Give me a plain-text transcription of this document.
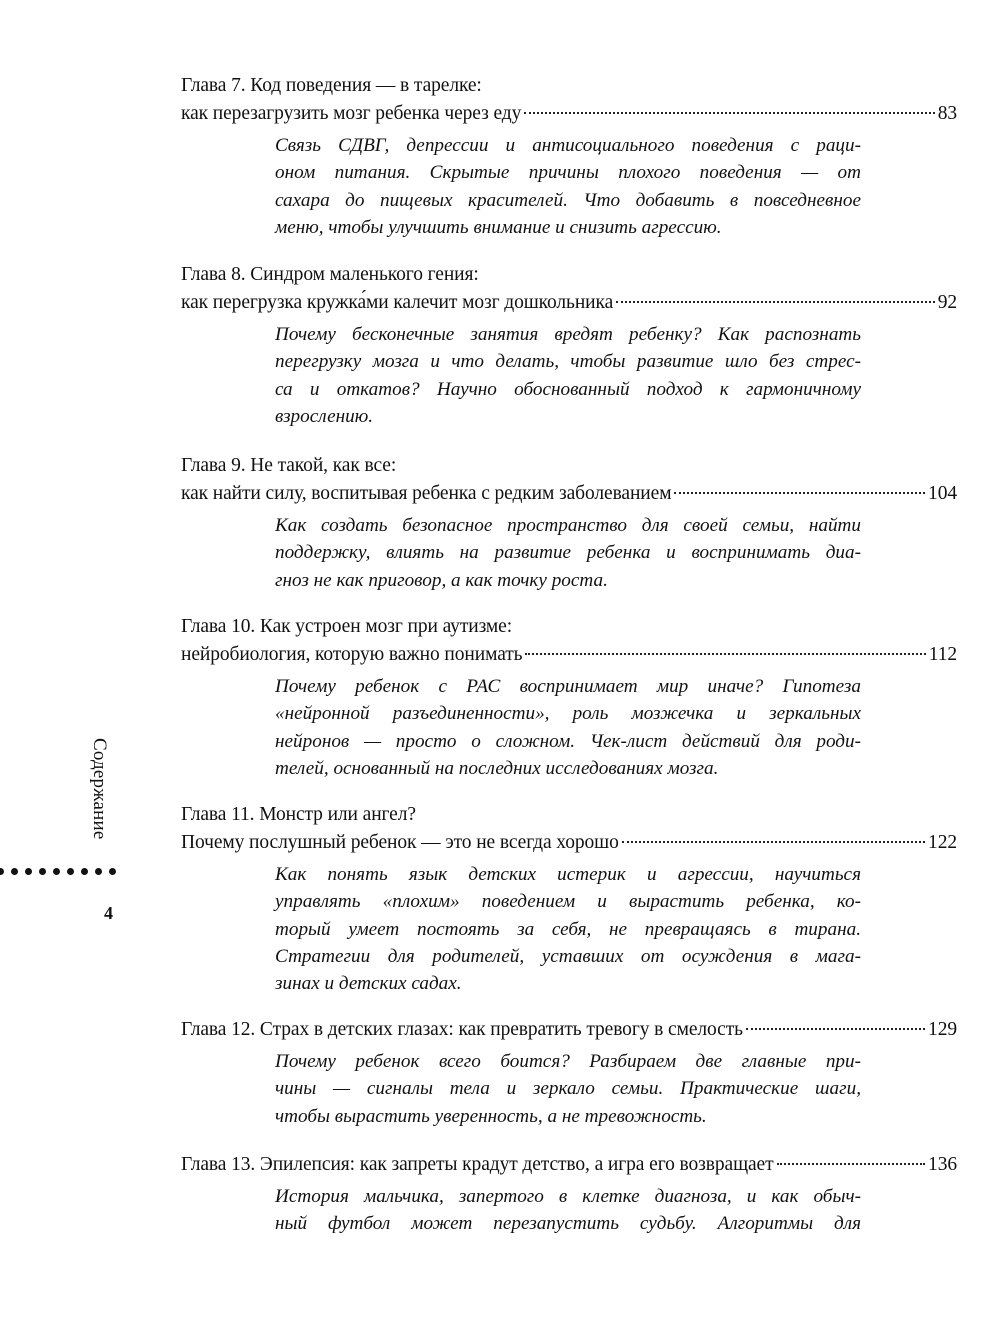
Глава 7. Код поведения — в тарелке:
как перезагрузить мозг ребенка через еду	83
Связь СДВГ, депрессии и антисоциального поведения с раци-
оном питания. Скрытые причины плохого поведения — от
сахара до пищевых красителей. Что добавить в повседневное
меню, чтобы улучшить внимание и снизить агрессию.
Глава 8. Синдром маленького гения:
как перегрузка кружка́ми калечит мозг дошкольника	92
Почему бесконечные занятия вредят ребенку? Как распознать
перегрузку мозга и что делать, чтобы развитие шло без стрес-
са и откатов? Научно обоснованный подход к гармоничному
взрослению.
Глава 9. Не такой, как все:
как найти силу, воспитывая ребенка с редким заболеванием	104
Как создать безопасное пространство для своей семьи, найти
поддержку, влиять на развитие ребенка и воспринимать диа-
гноз не как приговор, а как точку роста.
Глава 10. Как устроен мозг при аутизме:
нейробиология, которую важно понимать	112
Почему ребенок с РАС воспринимает мир иначе? Гипотеза
«нейронной разъединенности», роль мозжечка и зеркальных
нейронов — просто о сложном. Чек-лист действий для роди-
телей, основанный на последних исследованиях мозга.
Глава 11. Монстр или ангел?
Почему послушный ребенок — это не всегда хорошо	122
Как понять язык детских истерик и агрессии, научиться
управлять «плохим» поведением и вырастить ребенка, ко-
торый умеет постоять за себя, не превращаясь в тирана.
Стратегии для родителей, уставших от осуждения в мага-
зинах и детских садах.
Глава 12. Страх в детских глазах: как превратить тревогу в смелость	129
Почему ребенок всего боится? Разбираем две главные при-
чины — сигналы тела и зеркало семьи. Практические шаги,
чтобы вырастить уверенность, а не тревожность.
Глава 13. Эпилепсия: как запреты крадут детство, а игра его возвращает	136
История мальчика, запертого в клетке диагноза, и как обыч-
ный футбол может перезапустить судьбу. Алгоритмы для
Содержание
4
